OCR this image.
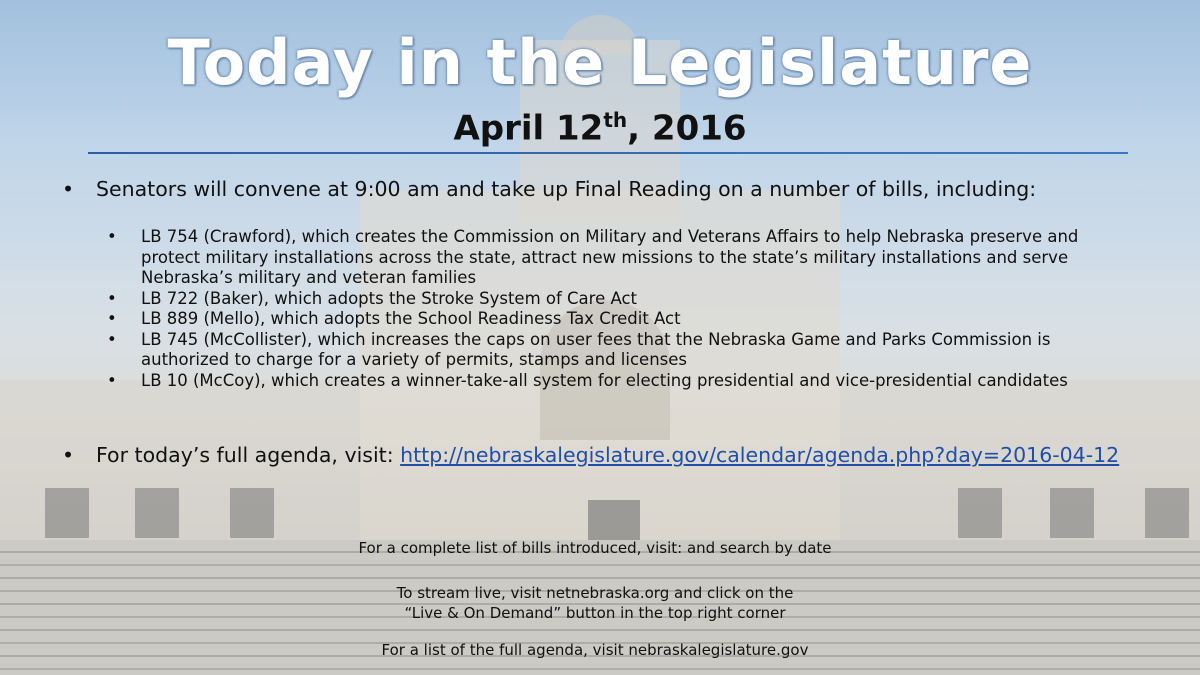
Today in the Legislature
April 12th, 2016
• Senators will convene at 9:00 am and take up Final Reading on a number of bills, including:
• LB 754 (Crawford), which creates the Commission on Military and Veterans Affairs to help Nebraska preserve and protect military installations across the state, attract new missions to the state’s military installations and serve Nebraska’s military and veteran families
• LB 722 (Baker), which adopts the Stroke System of Care Act
• LB 889 (Mello), which adopts the School Readiness Tax Credit Act
• LB 745 (McCollister), which increases the caps on user fees that the Nebraska Game and Parks Commission is authorized to charge for a variety of permits, stamps and licenses
• LB 10 (McCoy), which creates a winner-take-all system for electing presidential and vice-presidential candidates
• For today’s full agenda, visit: http://nebraskalegislature.gov/calendar/agenda.php?day=2016-04-12
For a complete list of bills introduced, visit: and search by date
To stream live, visit netnebraska.org and click on the
“Live & On Demand” button in the top right corner
For a list of the full agenda, visit nebraskalegislature.gov
